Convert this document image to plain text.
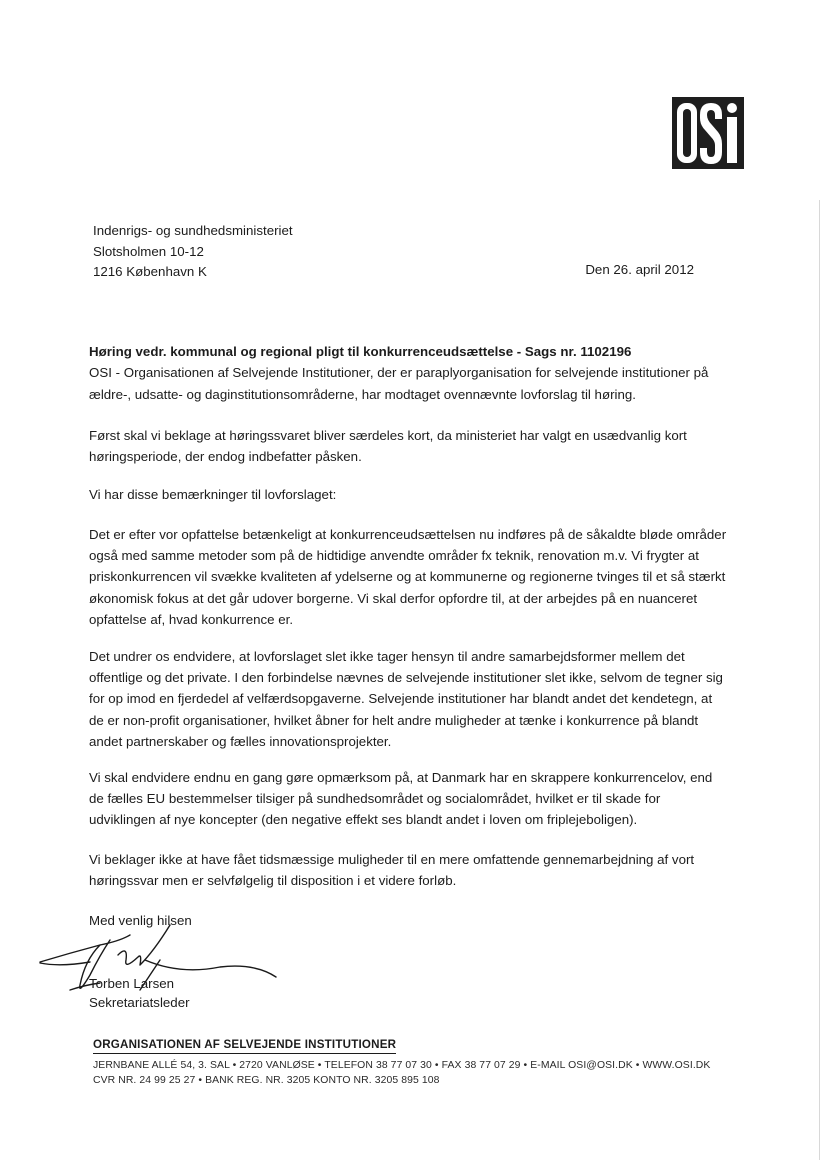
Indenrigs- og sundhedsministeriet
Slotsholmen 10-12
1216 København K	Den 26. april 2012
Høring vedr. kommunal og regional pligt til konkurrenceudsættelse - Sags nr. 1102196
OSI - Organisationen af Selvejende Institutioner, der er paraplyorganisation for selvejende institutioner på ældre-, udsatte- og daginstitutionsområderne, har modtaget ovennævnte lovforslag til høring.
Først skal vi beklage at høringssvaret bliver særdeles kort, da ministeriet har valgt en usædvanlig kort høringsperiode, der endog indbefatter påsken.
Vi har disse bemærkninger til lovforslaget:
Det er efter vor opfattelse betænkeligt at konkurrenceudsættelsen nu indføres på de såkaldte bløde områder også med samme metoder som på de hidtidige anvendte områder fx teknik, renovation m.v. Vi frygter at priskonkurrencen vil svække kvaliteten af ydelserne og at kommunerne og regionerne tvinges til et så stærkt økonomisk fokus at det går udover borgerne. Vi skal derfor opfordre til, at der arbejdes på en nuanceret opfattelse af, hvad konkurrence er.
Det undrer os endvidere, at lovforslaget slet ikke tager hensyn til andre samarbejdsformer mellem det offentlige og det private. I den forbindelse nævnes de selvejende institutioner slet ikke, selvom de tegner sig for op imod en fjerdedel af velfærdsopgaverne. Selvejende institutioner har blandt andet det kendetegn, at de er non-profit organisationer, hvilket åbner for helt andre muligheder at tænke i konkurrence på blandt andet partnerskaber og fælles innovationsprojekter.
Vi skal endvidere endnu en gang gøre opmærksom på, at Danmark har en skrappere konkurrencelov, end de fælles EU bestemmelser tilsiger på sundhedsområdet og socialområdet, hvilket er til skade for udviklingen af nye koncepter (den negative effekt ses blandt andet i loven om friplejeboligen).
Vi beklager ikke at have fået tidsmæssige muligheder til en mere omfattende gennemarbejdning af vort høringssvar men er selvfølgelig til disposition i et videre forløb.
Med venlig hilsen
Torben Larsen
Sekretariatsleder
ORGANISATIONEN AF SELVEJENDE INSTITUTIONER
JERNBANE ALLÉ 54, 3. SAL • 2720 VANLØSE • TELEFON 38 77 07 30 • FAX 38 77 07 29 • E-MAIL OSI@OSI.DK • WWW.OSI.DK
CVR NR. 24 99 25 27 • BANK REG. NR. 3205 KONTO NR. 3205 895 108
